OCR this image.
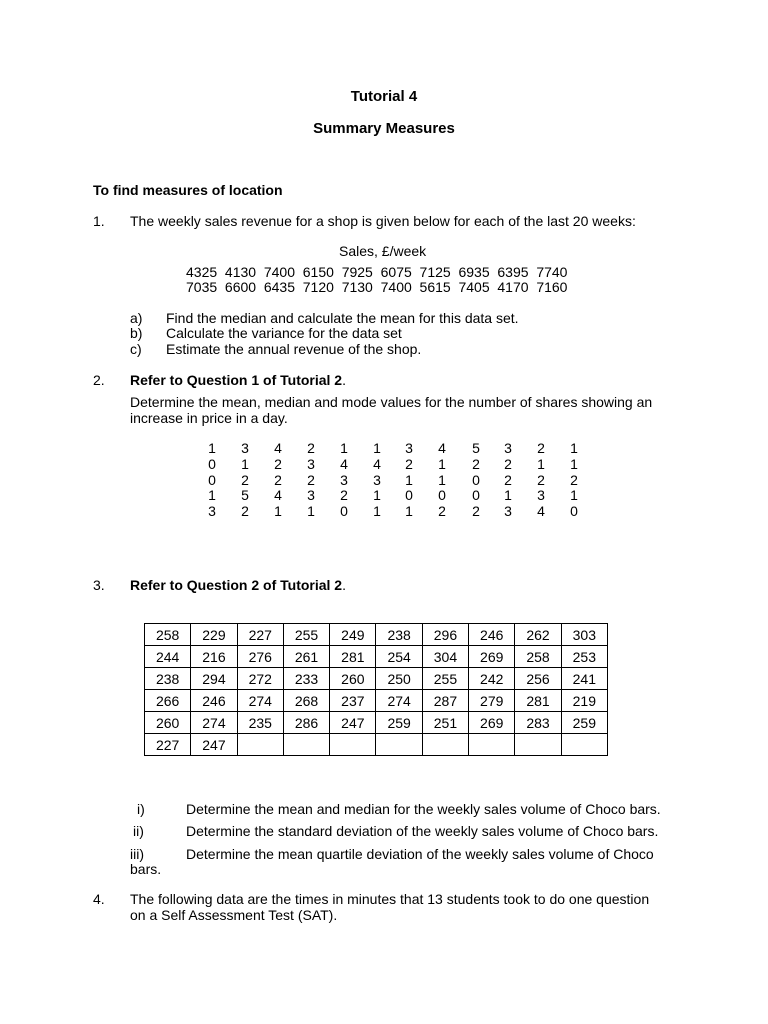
Tutorial 4
Summary Measures
To find measures of location
1. The weekly sales revenue for a shop is given below for each of the last 20 weeks:
Sales, £/week
4325  4130  7400  6150  7925  6075  7125  6935  6395  7740
7035  6600  6435  7120  7130  7400  5615  7405  4170  7160
a) Find the median and calculate the mean for this data set.
b) Calculate the variance for the data set
c) Estimate the annual revenue of the shop.
2. Refer to Question 1 of Tutorial 2.
Determine the mean, median and mode values for the number of shares showing an
increase in price in a day.
1	3	4	2	1	1	3	4	5	3	2	1
0	1	2	3	4	4	2	1	2	2	1	1
0	2	2	2	3	3	1	1	0	2	2	2
1	5	4	3	2	1	0	0	0	1	3	1
3	2	1	1	0	1	1	2	2	3	4	0
3. Refer to Question 2 of Tutorial 2.
258	229	227	255	249	238	296	246	262	303
244	216	276	261	281	254	304	269	258	253
238	294	272	233	260	250	255	242	256	241
266	246	274	268	237	274	287	279	281	219
260	274	235	286	247	259	251	269	283	259
227	247								
i)	Determine the mean and median for the weekly sales volume of Choco bars.
ii)	Determine the standard deviation of the weekly sales volume of Choco bars.
iii)	Determine the mean quartile deviation of the weekly sales volume of Choco
bars.
4. The following data are the times in minutes that 13 students took to do one question
on a Self Assessment Test (SAT).
